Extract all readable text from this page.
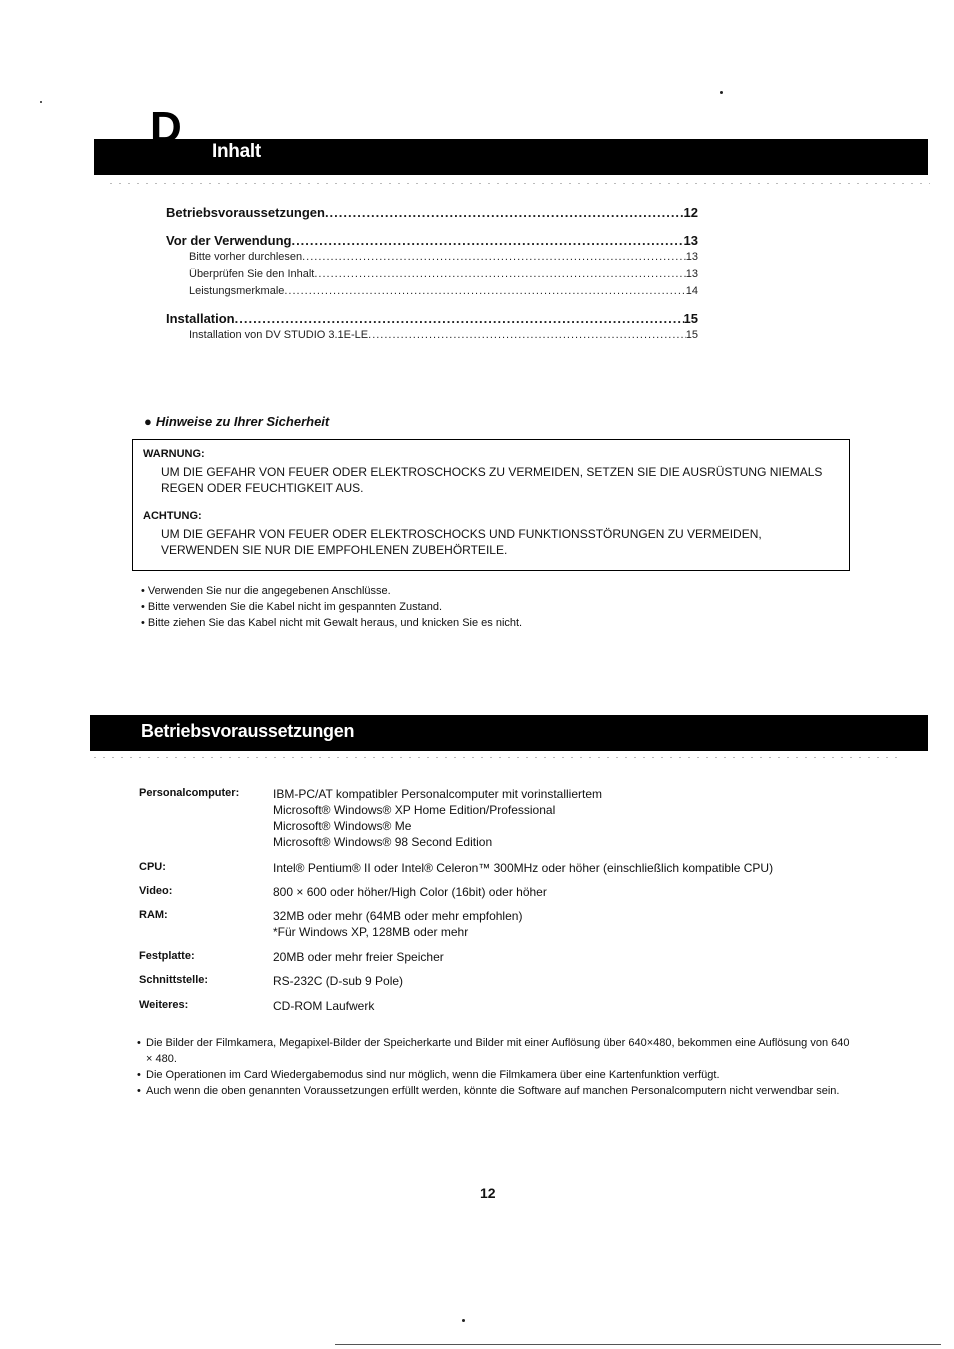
D Inhalt
Betriebsvoraussetzungen .....	12
Vor der Verwendung .....	13
Bitte vorher durchlesen .....	13
Überprüfen Sie den Inhalt .....	13
Leistungsmerkmale .....	14
Installation .....	15
Installation von DV STUDIO 3.1E-LE .....	15
● Hinweise zu Ihrer Sicherheit
WARNUNG:
UM DIE GEFAHR VON FEUER ODER ELEKTROSCHOCKS ZU VERMEIDEN, SETZEN SIE DIE AUSRÜSTUNG NIEMALS REGEN ODER FEUCHTIGKEIT AUS.
ACHTUNG:
UM DIE GEFAHR VON FEUER ODER ELEKTROSCHOCKS UND FUNKTIONSSTÖRUNGEN ZU VERMEIDEN, VERWENDEN SIE NUR DIE EMPFOHLENEN ZUBEHÖRTEILE.
• Verwenden Sie nur die angegebenen Anschlüsse.
• Bitte verwenden Sie die Kabel nicht im gespannten Zustand.
• Bitte ziehen Sie das Kabel nicht mit Gewalt heraus, und knicken Sie es nicht.
Betriebsvoraussetzungen
Personalcomputer:	IBM-PC/AT kompatibler Personalcomputer mit vorinstalliertem
Microsoft® Windows® XP Home Edition/Professional
Microsoft® Windows® Me
Microsoft® Windows® 98 Second Edition
CPU:	Intel® Pentium® II oder Intel® Celeron™ 300MHz oder höher (einschließlich kompatible CPU)
Video:	800 × 600 oder höher/High Color (16bit) oder höher
RAM:	32MB oder mehr (64MB oder mehr empfohlen)
*Für Windows XP, 128MB oder mehr
Festplatte:	20MB oder mehr freier Speicher
Schnittstelle:	RS-232C (D-sub 9 Pole)
Weiteres:	CD-ROM Laufwerk
• Die Bilder der Filmkamera, Megapixel-Bilder der Speicherkarte und Bilder mit einer Auflösung über 640×480, bekommen eine Auflösung von 640 × 480.
• Die Operationen im Card Wiedergabemodus sind nur möglich, wenn die Filmkamera über eine Kartenfunktion verfügt.
• Auch wenn die oben genannten Voraussetzungen erfüllt werden, könnte die Software auf manchen Personalcomputern nicht verwendbar sein.
12
